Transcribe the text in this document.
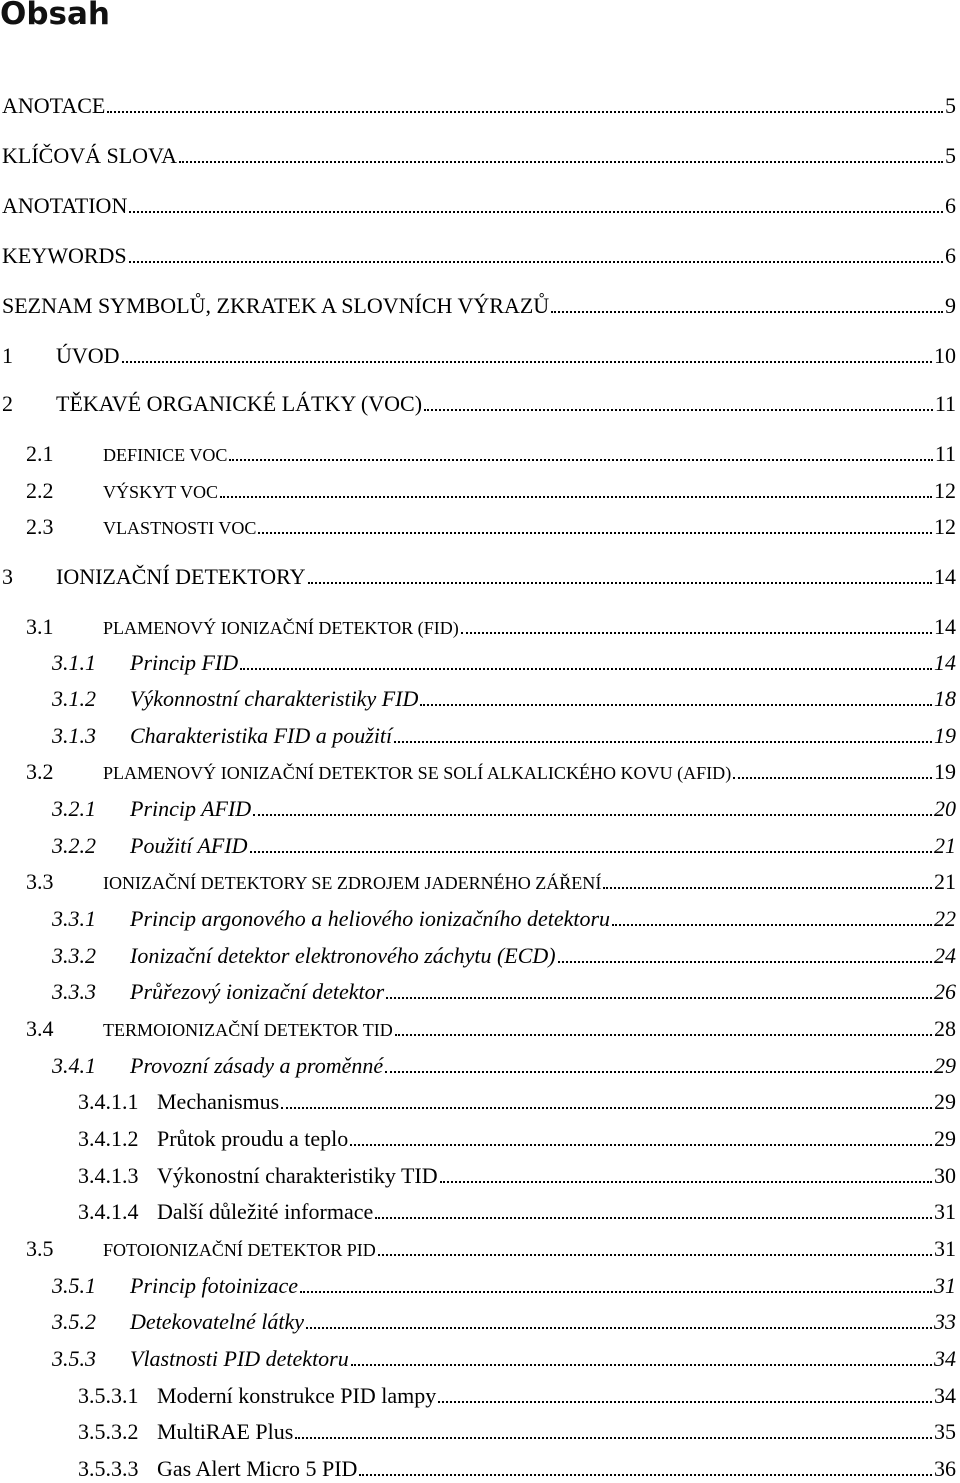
Obsah
ANOTACE	5
KLÍČOVÁ SLOVA	5
ANOTATION	6
KEYWORDS	6
SEZNAM SYMBOLŮ, ZKRATEK A SLOVNÍCH VÝRAZŮ	9
1	ÚVOD	10
2	TĚKAVÉ ORGANICKÉ LÁTKY (VOC)	11
2.1	DEFINICE VOC	11
2.2	VÝSKYT VOC	12
2.3	VLASTNOSTI VOC	12
3	IONIZAČNÍ DETEKTORY	14
3.1	PLAMENOVÝ IONIZAČNÍ DETEKTOR (FID)	14
3.1.1	Princip FID	14
3.1.2	Výkonnostní charakteristiky FID	18
3.1.3	Charakteristika FID a použití	19
3.2	PLAMENOVÝ IONIZAČNÍ DETEKTOR SE SOLÍ ALKALICKÉHO KOVU (AFID)	19
3.2.1	Princip AFID	20
3.2.2	Použití AFID	21
3.3	IONIZAČNÍ DETEKTORY SE ZDROJEM JADERNÉHO ZÁŘENÍ	21
3.3.1	Princip argonového a heliového ionizačního detektoru	22
3.3.2	Ionizační detektor elektronového záchytu (ECD)	24
3.3.3	Průřezový ionizační detektor	26
3.4	TERMOIONIZAČNÍ DETEKTOR TID	28
3.4.1	Provozní zásady a proměnné	29
3.4.1.1 Mechanismus	29
3.4.1.2 Průtok proudu a teplo	29
3.4.1.3 Výkonostní charakteristiky TID	30
3.4.1.4 Další důležité informace	31
3.5	FOTOIONIZAČNÍ DETEKTOR PID	31
3.5.1	Princip fotoinizace	31
3.5.2	Detekovatelné látky	33
3.5.3	Vlastnosti PID detektoru	34
3.5.3.1 Moderní konstrukce PID lampy	34
3.5.3.2 MultiRAE Plus	35
3.5.3.3 Gas Alert Micro 5 PID	36
